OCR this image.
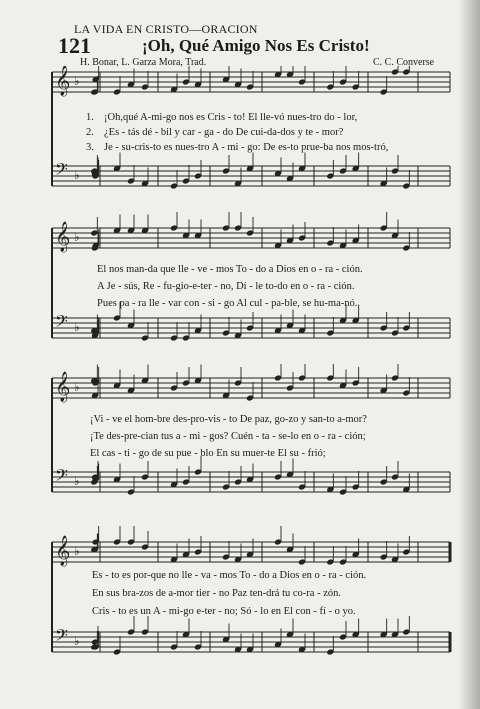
LA VIDA EN CRISTO—ORACION
121	¡Oh, Qué Amigo Nos Es Cristo!
H. Bonar, L. Garza Mora, Trad.	C. C. Converse
𝄞 ♭
𝄢 ♭
1.
2.
3.
¡Oh,qué A-mi-go nos es Cris - to! El lle-vó nues-tro do - lor,
¿Es - tás dé - bil y car - ga - do De cui-da-dos y te - mor?
Je - su-cris-to es nues-tro A - mi - go: De es-to prue-ba nos mos-tró,
𝄞 ♭
𝄢 ♭
El nos man-da que lle - ve - mos To - do a Dios en o - ra - ción.
A Je - sús, Re - fu-gio-e-ter - no, Dí - le to-do en o - ra - ción.
Pues pa - ra lle - var con - si - go Al cul - pa-ble, se hu-ma-nó.
𝄞 ♭
𝄢 ♭
¡Vi - ve el hom-bre des-pro-vis - to De paz, go-zo y san-to a-mor?
¡Te des-pre-cian tus a - mi - gos? Cuén - ta - se-lo en o - ra - ción;
El cas - ti - go de su pue - blo En su muer-te El su - frió;
𝄞 ♭
𝄢 ♭
Es - to es por-que no lle - va - mos To - do a Dios en o - ra - ción.
En sus bra-zos de a-mor tier - no Paz ten-drá tu co-ra - zón.
Cris - to es un A - mi-go e-ter - no; Só - lo en El con - fí - o yo.
